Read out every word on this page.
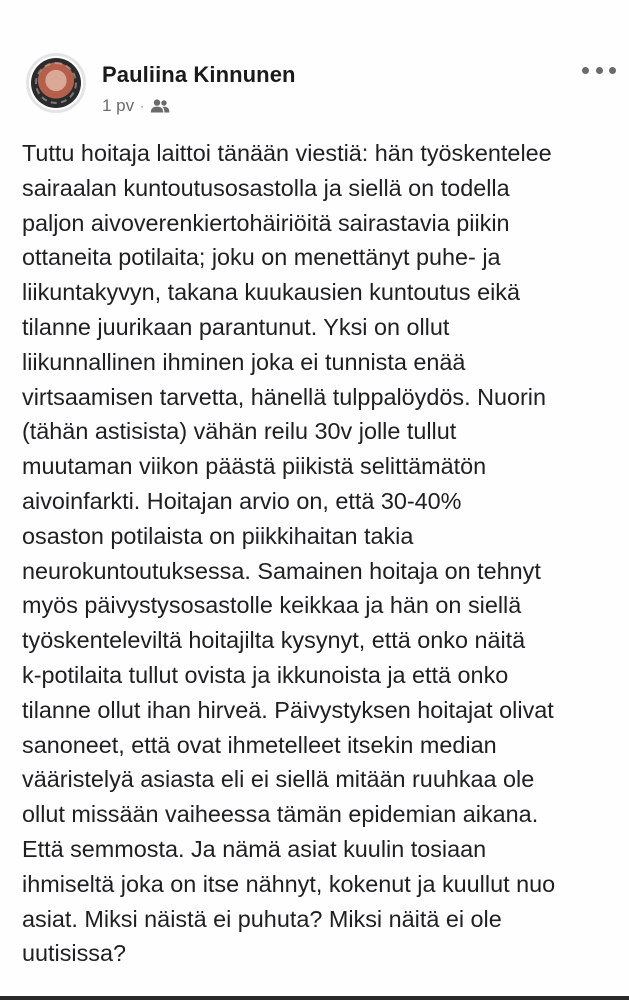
Pauliina Kinnunen
1 pv ·

Tuttu hoitaja laittoi tänään viestiä: hän työskentelee
sairaalan kuntoutusosastolla ja siellä on todella
paljon aivoverenkiertohäiriöitä sairastavia piikin
ottaneita potilaita; joku on menettänyt puhe- ja
liikuntakyvyn, takana kuukausien kuntoutus eikä
tilanne juurikaan parantunut. Yksi on ollut
liikunnallinen ihminen joka ei tunnista enää
virtsaamisen tarvetta, hänellä tulppalöydös. Nuorin
(tähän astisista) vähän reilu 30v jolle tullut
muutaman viikon päästä piikistä selittämätön
aivoinfarkti. Hoitajan arvio on, että 30-40%
osaston potilaista on piikkihaitan takia
neurokuntoutuksessa. Samainen hoitaja on tehnyt
myös päivystysosastolle keikkaa ja hän on siellä
työskenteleviltä hoitajilta kysynyt, että onko näitä
k-potilaita tullut ovista ja ikkunoista ja että onko
tilanne ollut ihan hirveä. Päivystyksen hoitajat olivat
sanoneet, että ovat ihmetelleet itsekin median
vääristelyä asiasta eli ei siellä mitään ruuhkaa ole
ollut missään vaiheessa tämän epidemian aikana.
Että semmosta. Ja nämä asiat kuulin tosiaan
ihmiseltä joka on itse nähnyt, kokenut ja kuullut nuo
asiat. Miksi näistä ei puhuta? Miksi näitä ei ole
uutisissa?
